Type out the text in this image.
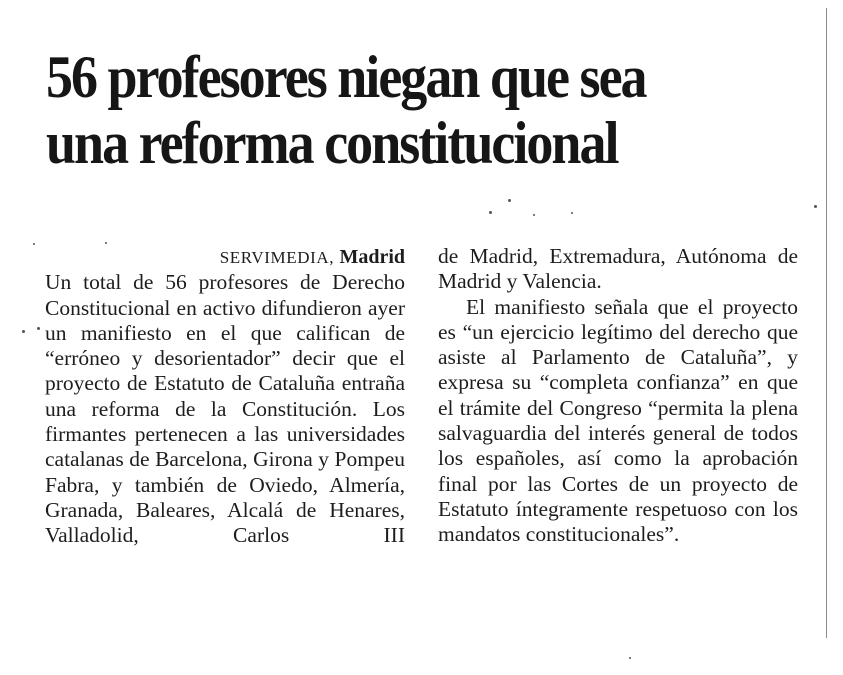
56 profesores niegan que sea
una reforma constitucional
SERVIMEDIA, Madrid

Un total de 56 profesores de Derecho Constitucional en activo difundieron ayer un manifiesto en el que califican de “erróneo y desorientador” decir que el proyecto de Estatuto de Cataluña entraña una reforma de la Constitución. Los firmantes pertenecen a las universidades catalanas de Barcelona, Girona y Pompeu Fabra, y también de Oviedo, Almería, Granada, Baleares, Alcalá de Henares, Valladolid, Carlos III

de Madrid, Extremadura, Autónoma de Madrid y Valencia.

El manifiesto señala que el proyecto es “un ejercicio legítimo del derecho que asiste al Parlamento de Cataluña”, y expresa su “completa confianza” en que el trámite del Congreso “permita la plena salvaguardia del interés general de todos los españoles, así como la aprobación final por las Cortes de un proyecto de Estatuto íntegramente respetuoso con los mandatos constitucionales”.
